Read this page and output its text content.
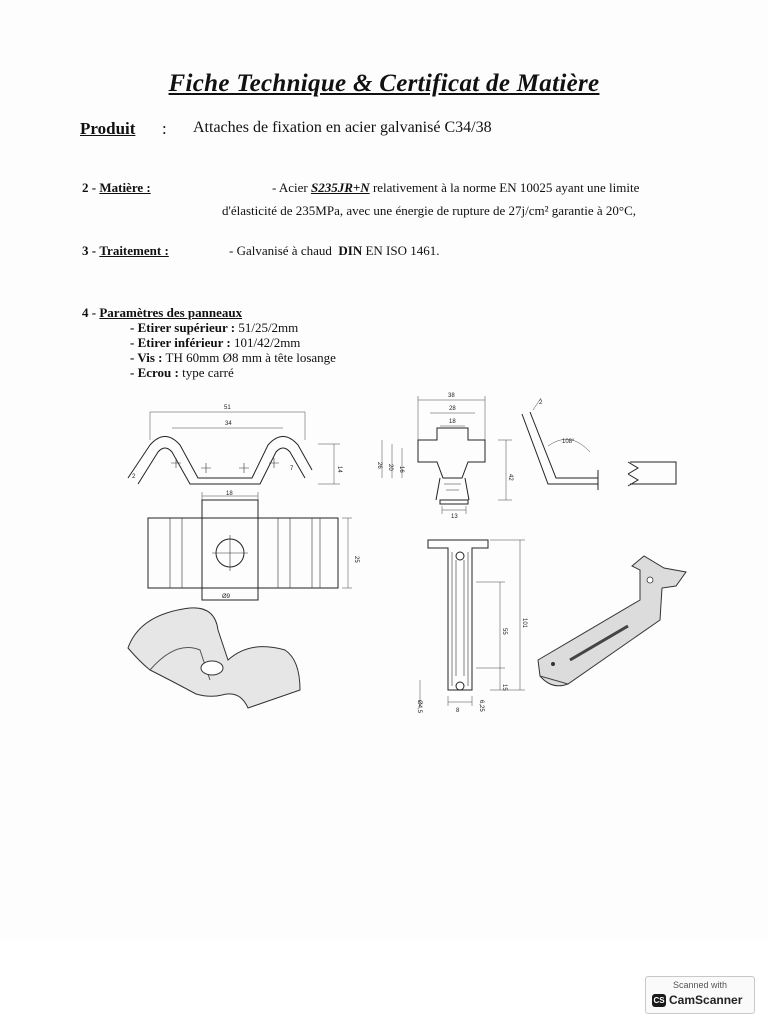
Fiche Technique & Certificat de Matière
Produit : Attaches de fixation en acier galvanisé C34/38
2 - Matière :	- Acier S235JR+N relativement à la norme EN 10025 ayant une limite
d'élasticité de 235MPa, avec une énergie de rupture de 27j/cm² garantie à 20°C,
3 - Traitement :	- Galvanisé à chaud DIN EN ISO 1461.
4 - Paramètres des panneaux
- Etirer supérieur : 51/25/2mm
- Etirer inférieur : 101/42/2mm
- Vis : TH 60mm Ø8 mm à tête losange
- Ecrou : type carré
51
34
14
2
7
18
Ø9
25
38
28
18
13
42
26 20 16
2
108°
101
55
15
Ø4,5	8	6,25
Scanned with
CS CamScanner
